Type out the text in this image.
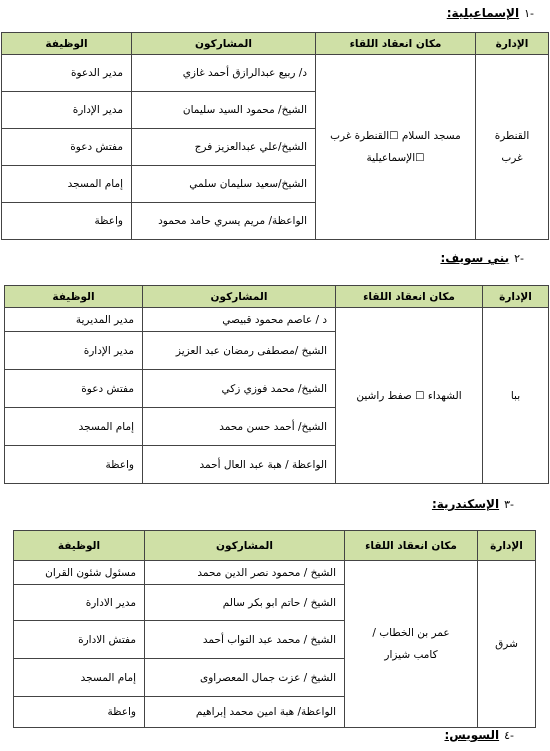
-١
الإسماعيلية:
الإدارة	مكان انعقاد اللقاء	المشاركون	الوظيفة
القنطرة غرب	مسجد السلام ☐القنطرة غرب ☐الإسماعيلية	د/ ربيع عبدالرازق أحمد غازي	مدير الدعوة
		الشيخ/ محمود السيد سليمان	مدير الإدارة
		الشيخ/علي عبدالعزيز فرج	مفتش دعوة
		الشيخ/سعيد سليمان سلمي	إمام المسجد
		الواعظة/ مريم يسري حامد محمود	واعظة
-٢
بني سويف:
الإدارة	مكان انعقاد اللقاء	المشاركون	الوظيفة
ببا	الشهداء ☐ صفط راشين	د / عاصم محمود قبيصي	مدير المديرية
		الشيخ /مصطفى رمضان عبد العزيز	مدير الإدارة
		الشيخ/ محمد فوزي زكي	مفتش دعوة
		الشيخ/ أحمد حسن محمد	إمام المسجد
		الواعظة / هبة عبد العال أحمد	واعظة
-٣
الإسكندرية:
الإدارة	مكان انعقاد اللقاء	المشاركون	الوظيفة
شرق	عمر بن الخطاب / كامب شيزار	الشيخ / محمود نصر الدين محمد	مسئول شئون القران
		الشيخ / حاتم ابو بكر سالم	مدير الادارة
		الشيخ / محمد عبد التواب أحمد	مفتش الادارة
		الشيخ / عزت جمال المعصراوى	إمام المسجد
		الواعظة/ هبة امين محمد إبراهيم	واعظة
-٤
السويس:
